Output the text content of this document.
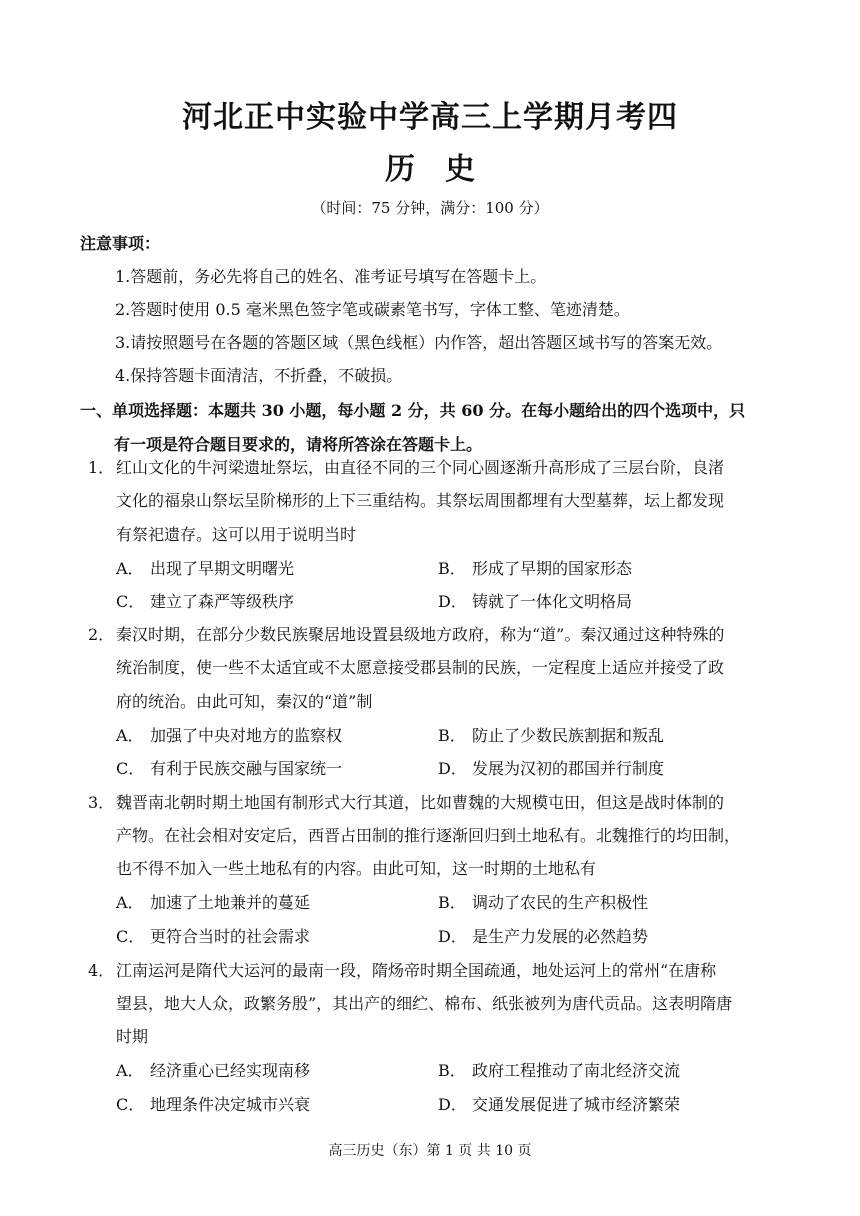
河北正中实验中学高三上学期月考四
历　史
（时间：75 分钟，满分：100 分）
注意事项：
1.答题前，务必先将自己的姓名、准考证号填写在答题卡上。
2.答题时使用 0.5 毫米黑色签字笔或碳素笔书写，字体工整、笔迹清楚。
3.请按照题号在各题的答题区域（黑色线框）内作答，超出答题区域书写的答案无效。
4.保持答题卡面清洁，不折叠，不破损。
一、单项选择题：本题共 30 小题，每小题 2 分，共 60 分。在每小题给出的四个选项中，只
有一项是符合题目要求的，请将所答涂在答题卡上。
1． 红山文化的牛河梁遗址祭坛，由直径不同的三个同心圆逐渐升高形成了三层台阶，良渚
文化的福泉山祭坛呈阶梯形的上下三重结构。其祭坛周围都埋有大型墓葬，坛上都发现
有祭祀遗存。这可以用于说明当时
A． 出现了早期文明曙光	B． 形成了早期的国家形态
C． 建立了森严等级秩序	D． 铸就了一体化文明格局
2． 秦汉时期，在部分少数民族聚居地设置县级地方政府，称为“道”。秦汉通过这种特殊的
统治制度，使一些不太适宜或不太愿意接受郡县制的民族，一定程度上适应并接受了政
府的统治。由此可知，秦汉的“道”制
A． 加强了中央对地方的监察权	B． 防止了少数民族割据和叛乱
C． 有利于民族交融与国家统一	D． 发展为汉初的郡国并行制度
3． 魏晋南北朝时期土地国有制形式大行其道，比如曹魏的大规模屯田，但这是战时体制的
产物。在社会相对安定后，西晋占田制的推行逐渐回归到土地私有。北魏推行的均田制，
也不得不加入一些土地私有的内容。由此可知，这一时期的土地私有
A． 加速了土地兼并的蔓延	B． 调动了农民的生产积极性
C． 更符合当时的社会需求	D． 是生产力发展的必然趋势
4． 江南运河是隋代大运河的最南一段，隋炀帝时期全国疏通，地处运河上的常州“在唐称
望县，地大人众，政繁务殷”，其出产的细纻、棉布、纸张被列为唐代贡品。这表明隋唐
时期
A． 经济重心已经实现南移	B． 政府工程推动了南北经济交流
C． 地理条件决定城市兴衰	D． 交通发展促进了城市经济繁荣
高三历史（东）第 1 页 共 10 页
